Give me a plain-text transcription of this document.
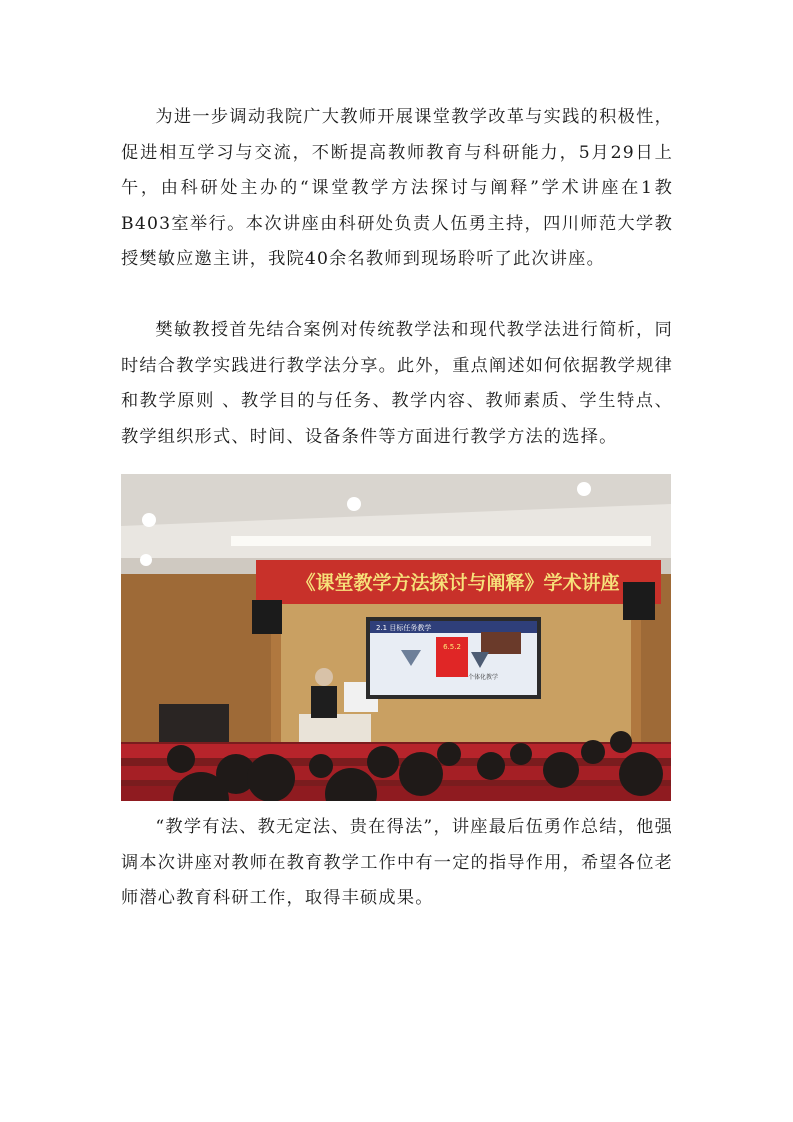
为进一步调动我院广大教师开展课堂教学改革与实践的积极性，促进相互学习与交流，不断提高教师教育与科研能力，5月29日上午，由科研处主办的“课堂教学方法探讨与阐释”学术讲座在1教B403室举行。本次讲座由科研处负责人伍勇主持，四川师范大学教授樊敏应邀主讲，我院40余名教师到现场聆听了此次讲座。

樊敏教授首先结合案例对传统教学法和现代教学法进行简析，同时结合教学实践进行教学法分享。此外，重点阐述如何依据教学规律和教学原则 、教学目的与任务、教学内容、教师素质、学生特点、教学组织形式、时间、设备条件等方面进行教学方法的选择。

《课堂教学方法探讨与阐释》学术讲座
2.1 目标任务教学
6.5.2
个体化教学

“教学有法、教无定法、贵在得法”，讲座最后伍勇作总结，他强调本次讲座对教师在教育教学工作中有一定的指导作用，希望各位老师潜心教育科研工作，取得丰硕成果。
